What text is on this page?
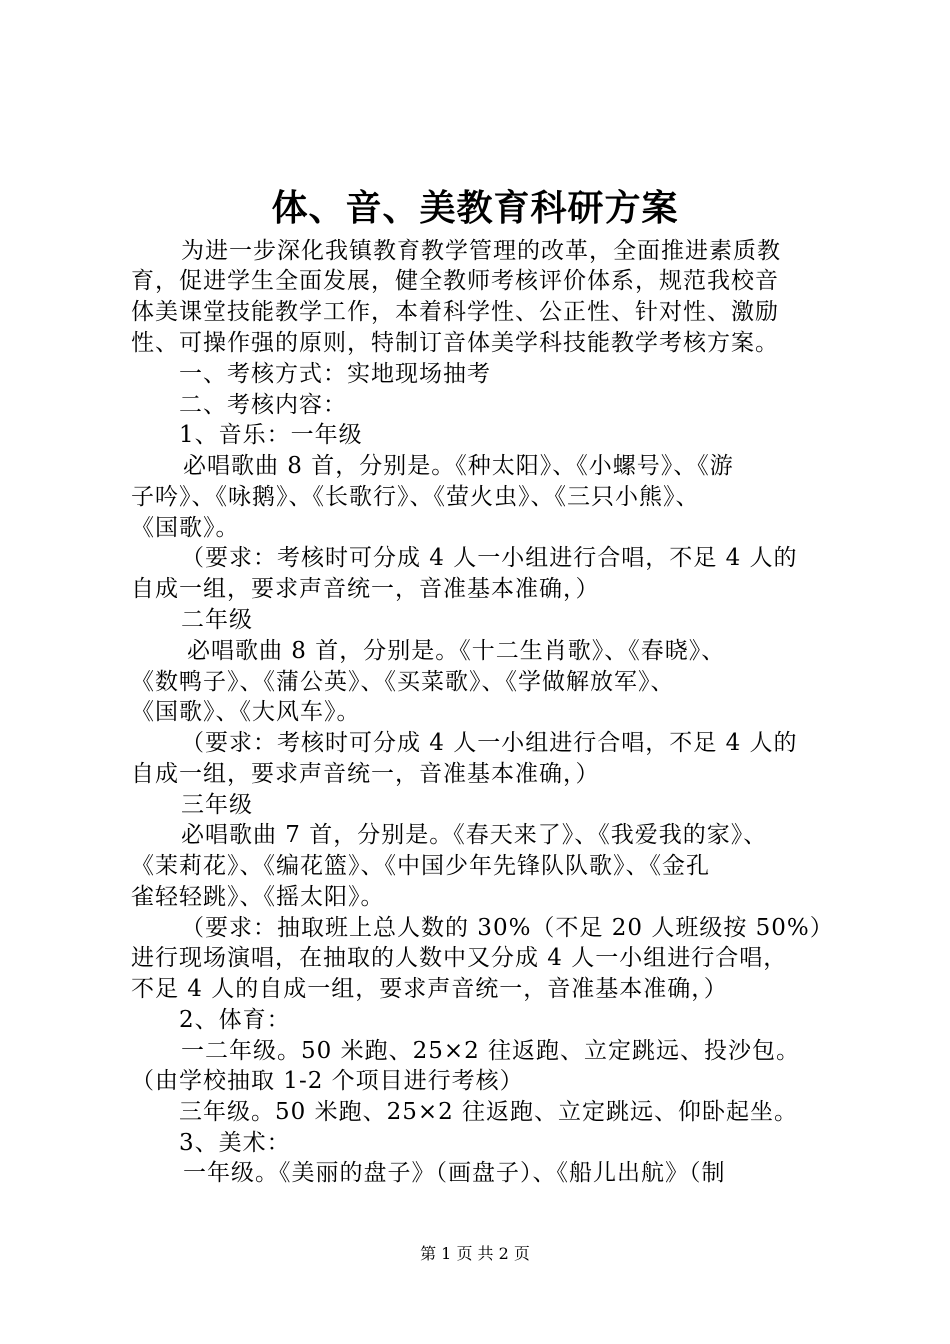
体、音、美教育科研方案
为进一步深化我镇教育教学管理的改革，全面推进素质教
育，促进学生全面发展，健全教师考核评价体系，规范我校音
体美课堂技能教学工作，本着科学性、公正性、针对性、激励
性、可操作强的原则，特制订音体美学科技能教学考核方案。
一、考核方式：实地现场抽考
二、考核内容：
1、音乐：一年级
必唱歌曲 8 首，分别是。《种太阳》、《小螺号》、《游
子吟》、《咏鹅》、《长歌行》、《萤火虫》、《三只小熊》、
《国歌》。
（要求：考核时可分成 4 人一小组进行合唱，不足 4 人的
自成一组，要求声音统一，音准基本准确，）
二年级
必唱歌曲 8 首，分别是。《十二生肖歌》、《春晓》、
《数鸭子》、《蒲公英》、《买菜歌》、《学做解放军》、
《国歌》、《大风车》。
（要求：考核时可分成 4 人一小组进行合唱，不足 4 人的
自成一组，要求声音统一，音准基本准确，）
三年级
必唱歌曲 7 首，分别是。《春天来了》、《我爱我的家》、
《茉莉花》、《编花篮》、《中国少年先锋队队歌》、《金孔
雀轻轻跳》、《摇太阳》。
（要求：抽取班上总人数的 30%（不足 20 人班级按 50%）
进行现场演唱，在抽取的人数中又分成 4 人一小组进行合唱，
不足 4 人的自成一组，要求声音统一，音准基本准确，）
2、体育：
一二年级。50 米跑、25×2 往返跑、立定跳远、投沙包。
（由学校抽取 1-2 个项目进行考核）
三年级。50 米跑、25×2 往返跑、立定跳远、仰卧起坐。
3、美术：
一年级。《美丽的盘子》（画盘子）、《船儿出航》（制
第 1 页 共 2 页
